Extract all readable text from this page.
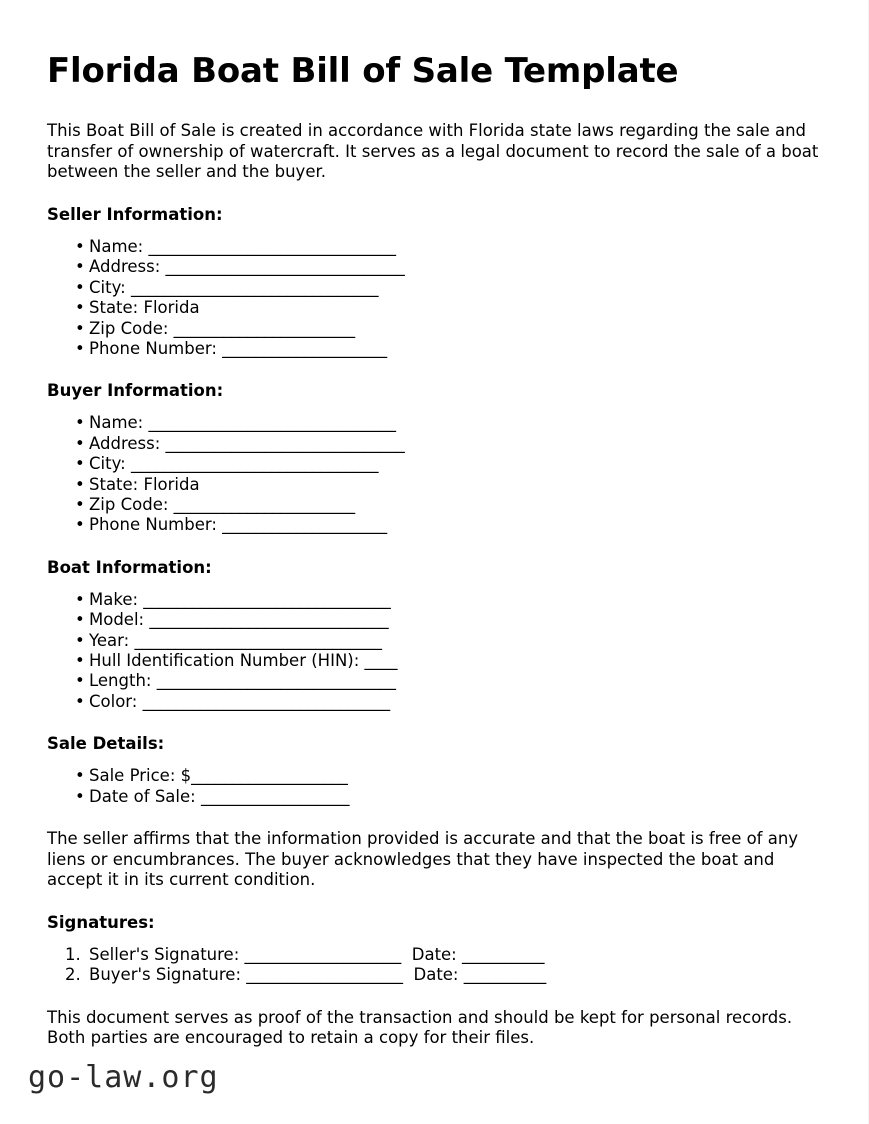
Florida Boat Bill of Sale Template

This Boat Bill of Sale is created in accordance with Florida state laws regarding the sale and transfer of ownership of watercraft. It serves as a legal document to record the sale of a boat between the seller and the buyer.

Seller Information:
• Name: ______________________________
• Address: _____________________________
• City: ______________________________
• State: Florida
• Zip Code: ______________________
• Phone Number: ____________________
Buyer Information:
• Name: ______________________________
• Address: _____________________________
• City: ______________________________
• State: Florida
• Zip Code: ______________________
• Phone Number: ____________________
Boat Information:
• Make: ______________________________
• Model: _____________________________
• Year: ______________________________
• Hull Identification Number (HIN): ____
• Length: _____________________________
• Color: ______________________________
Sale Details:
• Sale Price: $___________________
• Date of Sale: __________________

The seller affirms that the information provided is accurate and that the boat is free of any liens or encumbrances. The buyer acknowledges that they have inspected the boat and accept it in its current condition.

Signatures:
Seller's Signature: ___________________  Date: __________
Buyer's Signature: ___________________  Date: __________

This document serves as proof of the transaction and should be kept for personal records. Both parties are encouraged to retain a copy for their files.

go-law.org
